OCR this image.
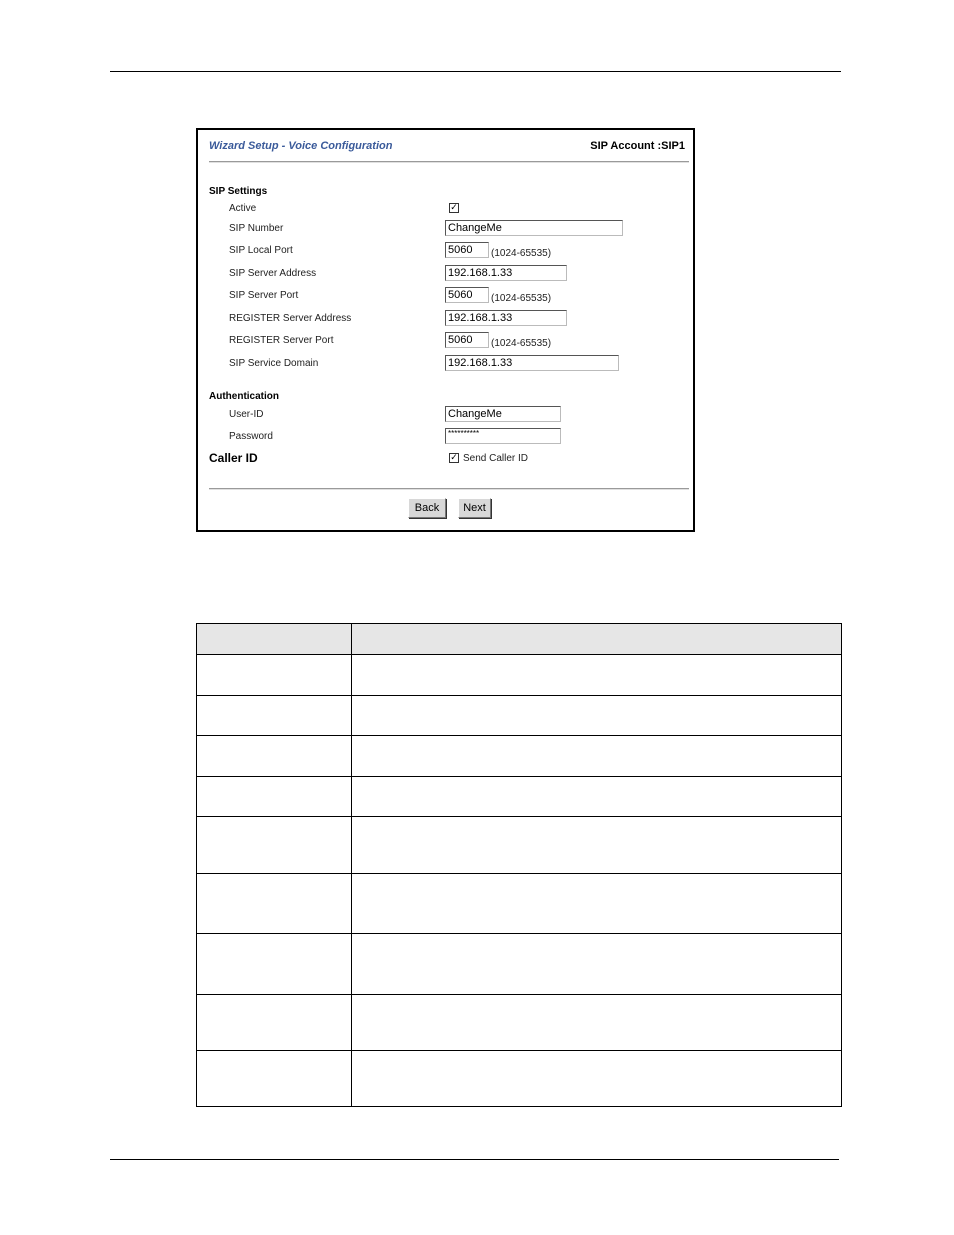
Wizard Setup - Voice Configuration	SIP Account :SIP1
SIP Settings
Active	✓
SIP Number	ChangeMe
SIP Local Port	5060	(1024-65535)
SIP Server Address	192.168.1.33
SIP Server Port	5060	(1024-65535)
REGISTER Server Address	192.168.1.33
REGISTER Server Port	5060	(1024-65535)
SIP Service Domain	192.168.1.33
Authentication
User-ID	ChangeMe
Password	**********
Caller ID	✓ Send Caller ID
Back	Next
